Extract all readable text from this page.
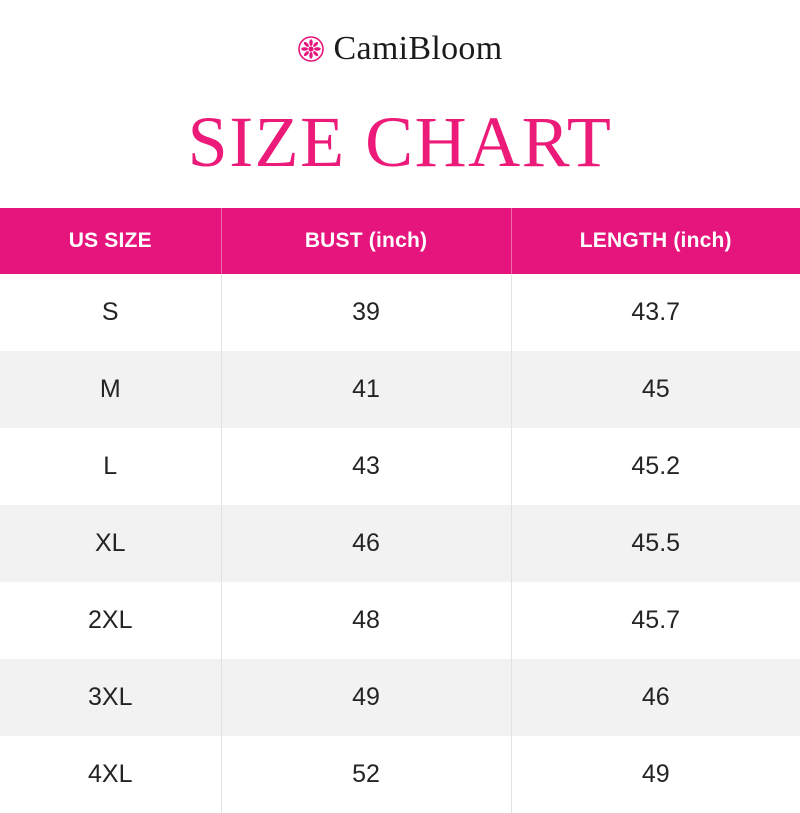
CamiBloom
SIZE CHART
US SIZE	BUST (inch)	LENGTH (inch)
S	39	43.7
M	41	45
L	43	45.2
XL	46	45.5
2XL	48	45.7
3XL	49	46
4XL	52	49
